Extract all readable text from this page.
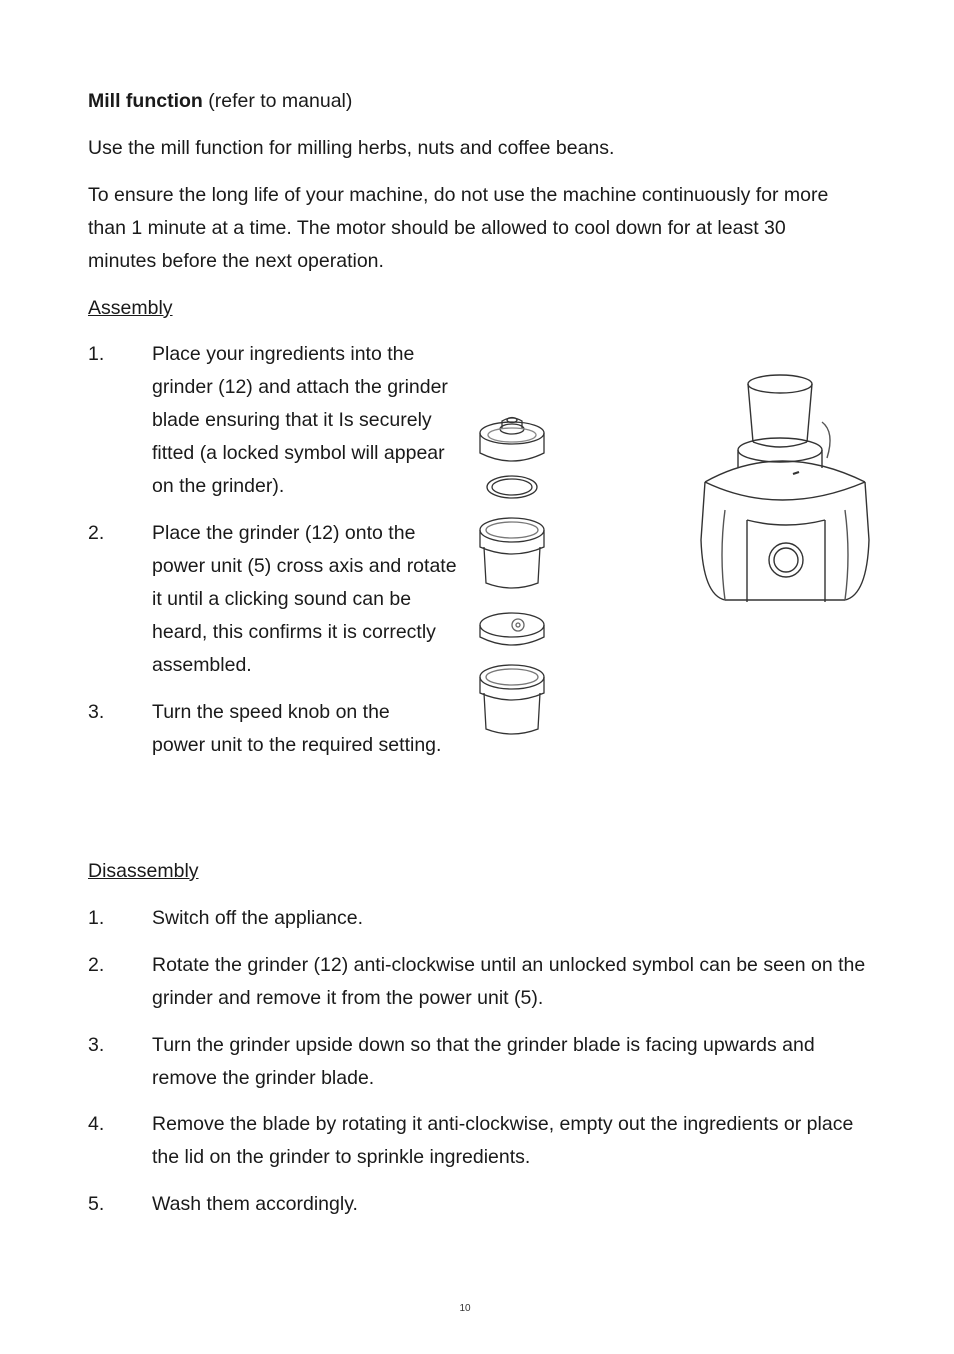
Mill function (refer to manual)

Use the mill function for milling herbs, nuts and coffee beans.

To ensure the long life of your machine, do not use the machine continuously for more than 1 minute at a time. The motor should be allowed to cool down for at least 30 minutes before the next operation.

Assembly

1. Place your ingredients into the grinder (12) and attach the grinder blade ensuring that it Is securely fitted (a locked symbol will appear on the grinder).

2. Place the grinder (12) onto the power unit (5) cross axis and rotate it until a clicking sound can be heard, this confirms it is correctly assembled.

3. Turn the speed knob on the power unit to the required setting.

Disassembly

1. Switch off the appliance.

2. Rotate the grinder (12) anti-clockwise until an unlocked symbol can be seen on the grinder and remove it from the power unit (5).

3. Turn the grinder upside down so that the grinder blade is facing upwards and remove the grinder blade.

4. Remove the blade by rotating it anti-clockwise, empty out the ingredients or place the lid on the grinder to sprinkle ingredients.

5. Wash them accordingly.

10
